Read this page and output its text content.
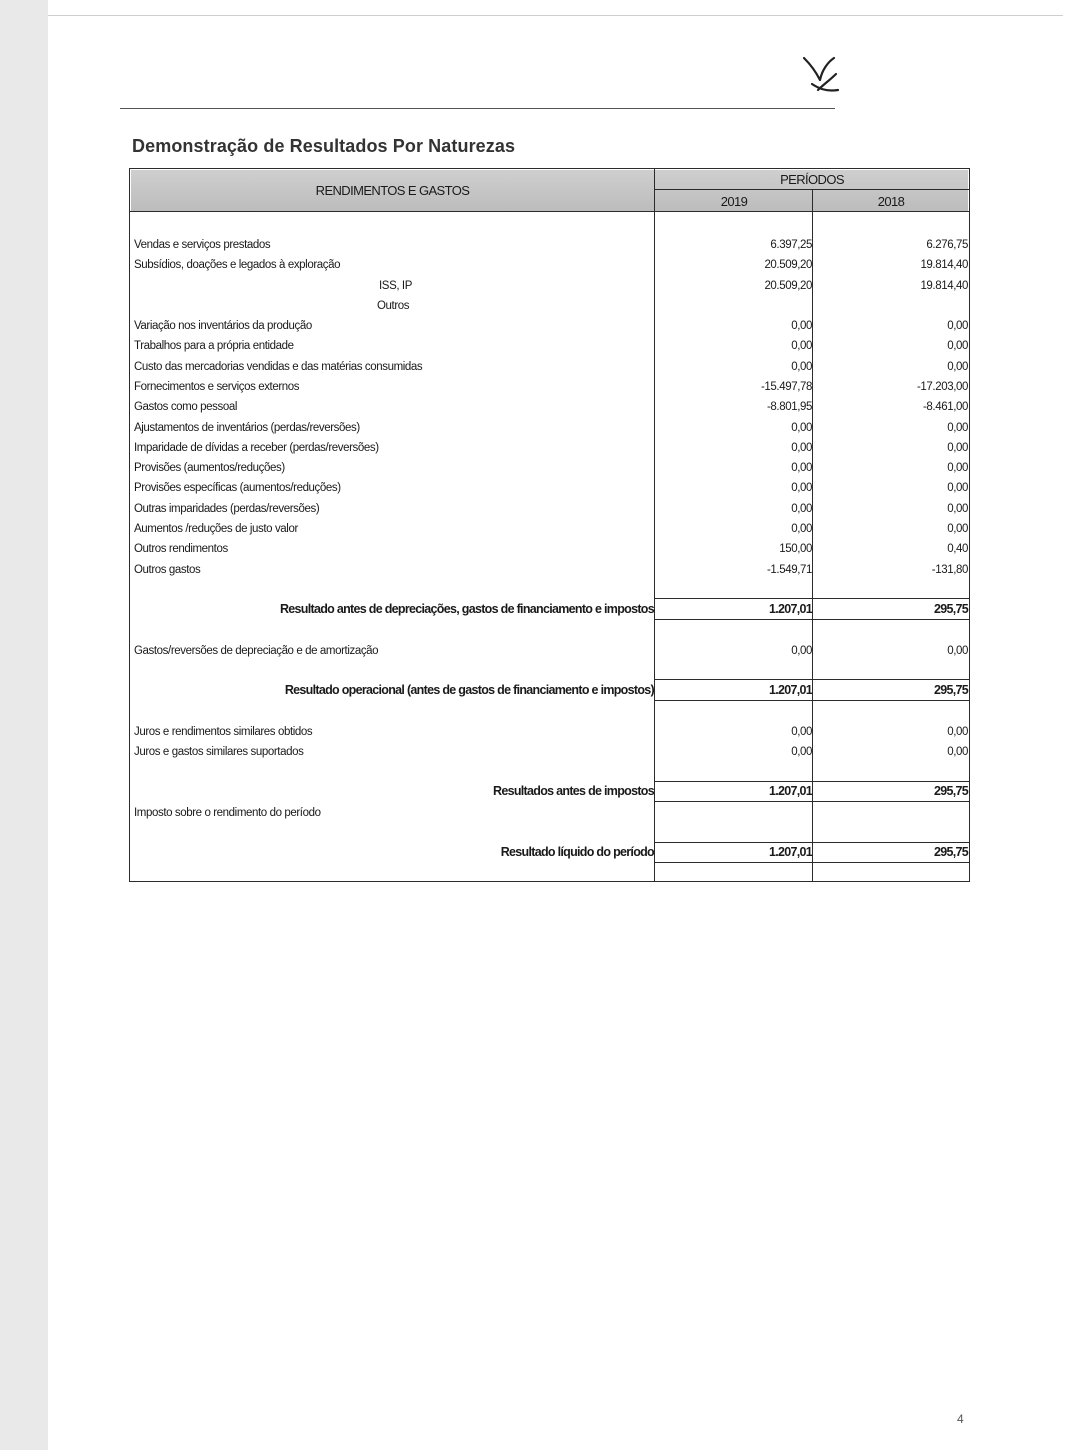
Demonstração de Resultados Por Naturezas
RENDIMENTOS E GASTOS
PERÍODOS
2019	2018
Vendas e serviços prestados	6.397,25	6.276,75
Subsídios, doações e legados à exploração	20.509,20	19.814,40
ISS, IP	20.509,20	19.814,40
Outros
Variação nos inventários da produção	0,00	0,00
Trabalhos para a própria entidade	0,00	0,00
Custo das mercadorias vendidas e das matérias consumidas	0,00	0,00
Fornecimentos e serviços externos	-15.497,78	-17.203,00
Gastos como pessoal	-8.801,95	-8.461,00
Ajustamentos de inventários (perdas/reversões)	0,00	0,00
Imparidade de dívidas a receber (perdas/reversões)	0,00	0,00
Provisões (aumentos/reduções)	0,00	0,00
Provisões específicas (aumentos/reduções)	0,00	0,00
Outras imparidades (perdas/reversões)	0,00	0,00
Aumentos /reduções de justo valor	0,00	0,00
Outros rendimentos	150,00	0,40
Outros gastos	-1.549,71	-131,80
Resultado antes de depreciações, gastos de financiamento e impostos	1.207,01	295,75
Gastos/reversões de depreciação e de amortização	0,00	0,00
Resultado operacional (antes de gastos de financiamento e impostos)	1.207,01	295,75
Juros e rendimentos similares obtidos	0,00	0,00
Juros e gastos similares suportados	0,00	0,00
Resultados antes de impostos	1.207,01	295,75
Imposto sobre o rendimento do período
Resultado líquido do período	1.207,01	295,75
4
